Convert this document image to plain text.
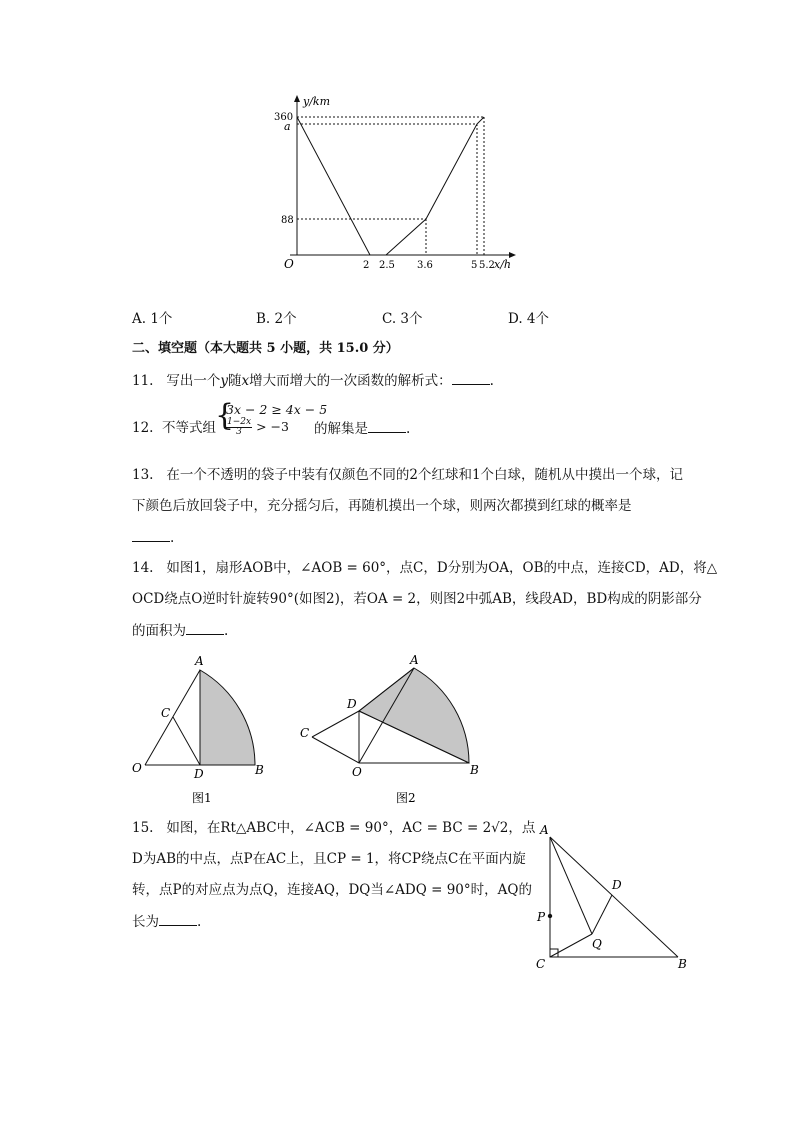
y/km
x/h
O
360
a
88
2 2.5 3.6	5 5.2
A. 1个	B. 2个	C. 3个	D. 4个
二、填空题（本大题共 5 小题，共 15.0 分）
11. 写出一个y随x增大而增大的一次函数的解析式：	.
12. 不等式组 {
3x − 2 ≥ 4x − 5
$\frac{1-2x}{3} > -3$ 的解集是	.
13. 在一个不透明的袋子中装有仅颜色不同的2个红球和1个白球，随机从中摸出一个球，记
下颜色后放回袋子中，充分摇匀后，再随机摸出一个球，则两次都摸到红球的概率是
.
14. 如图1，扇形AOB中，∠AOB = 60°，点C，D分别为OA，OB的中点，连接CD，AD，将△
OCD绕点O逆时针旋转90°(如图2)，若OA = 2，则图2中弧AB，线段AD，BD构成的阴影部分
的面积为	.
A
C
O	D	B
图1
A
D
C
O	B
图2
15. 如图，在Rt△ABC中，∠ACB = 90°，AC = BC = 2√2，点
D为AB的中点，点P在AC上，且CP = 1，将CP绕点C在平面内旋
转，点P的对应点为点Q，连接AQ，DQ当∠ADQ = 90°时，AQ的
长为	.
A
D
P
Q
C	B
